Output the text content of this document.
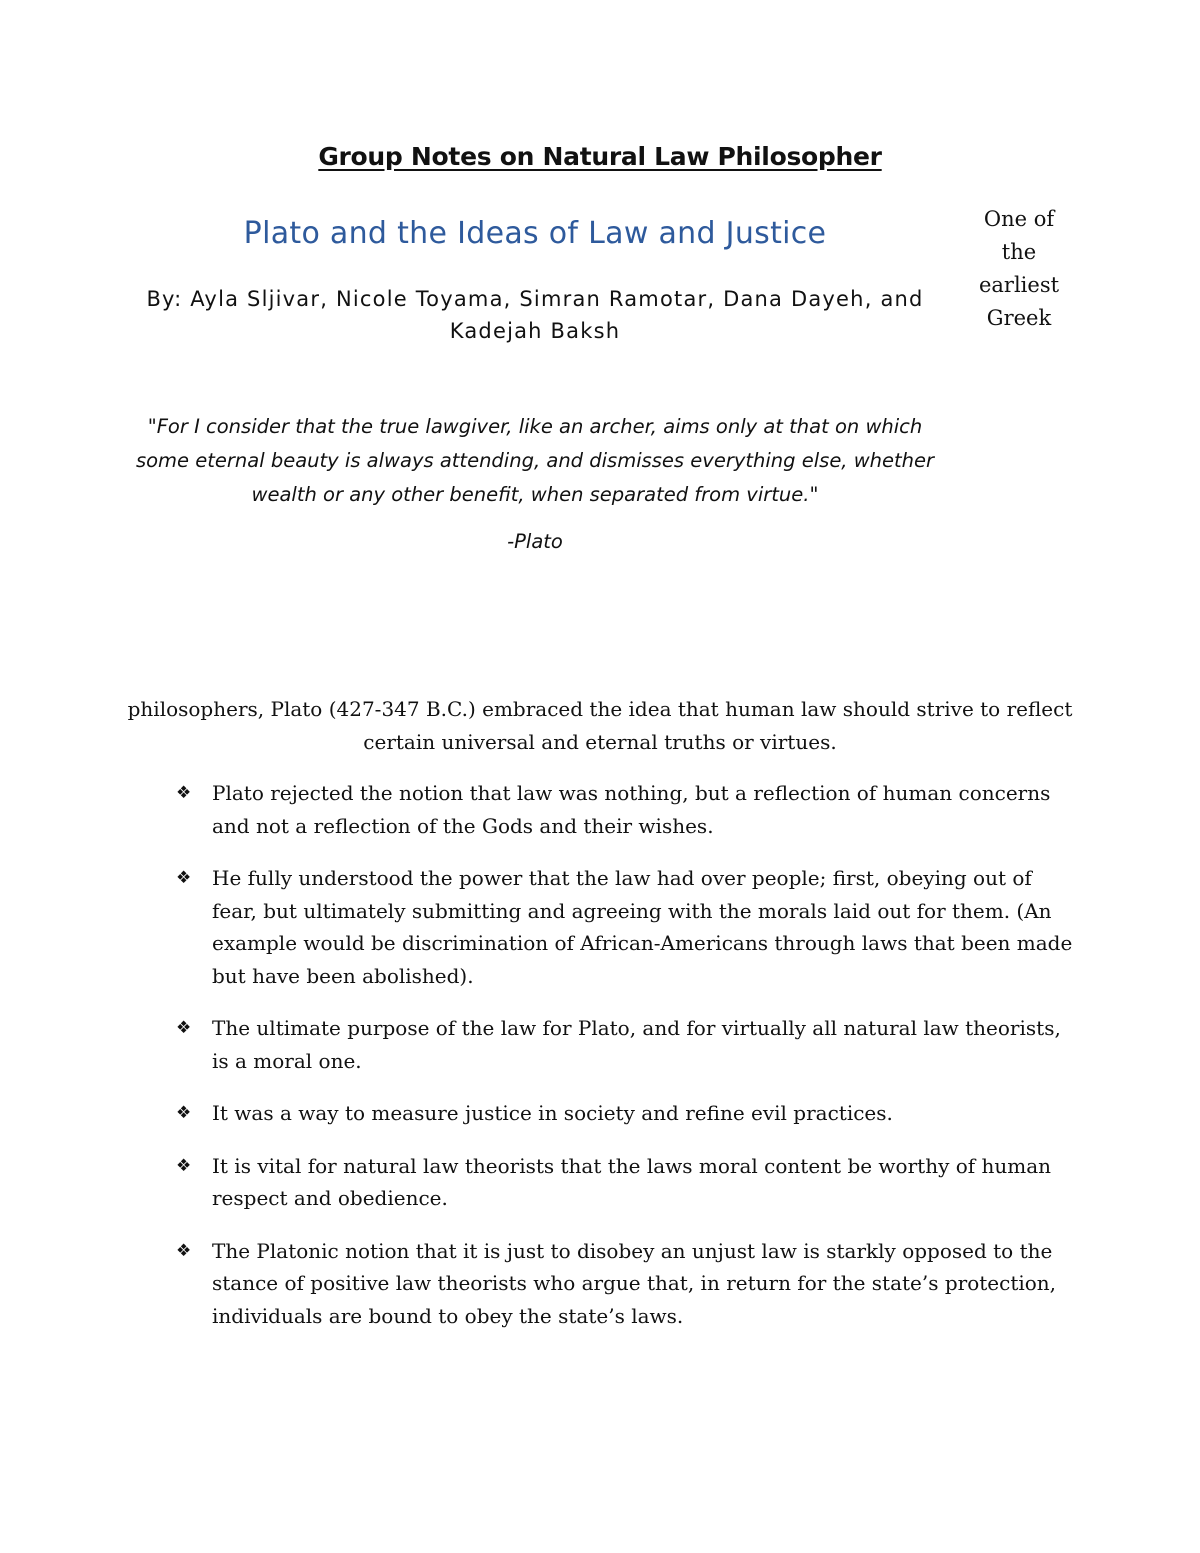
Group Notes on Natural Law Philosopher
Plato and the Ideas of Law and Justice
By: Ayla Sljivar, Nicole Toyama, Simran Ramotar, Dana Dayeh, and Kadejah Baksh
One of
the
earliest
Greek
"For I consider that the true lawgiver, like an archer, aims only at that on which some eternal beauty is always attending, and dismisses everything else, whether wealth or any other benefit, when separated from virtue."
-Plato
philosophers, Plato (427-347 B.C.) embraced the idea that human law should strive to reflect certain universal and eternal truths or virtues.
❖ Plato rejected the notion that law was nothing, but a reflection of human concerns and not a reflection of the Gods and their wishes.
❖ He fully understood the power that the law had over people; first, obeying out of fear, but ultimately submitting and agreeing with the morals laid out for them. (An example would be discrimination of African-Americans through laws that been made but have been abolished).
❖ The ultimate purpose of the law for Plato, and for virtually all natural law theorists, is a moral one.
❖ It was a way to measure justice in society and refine evil practices.
❖ It is vital for natural law theorists that the laws moral content be worthy of human respect and obedience.
❖ The Platonic notion that it is just to disobey an unjust law is starkly opposed to the stance of positive law theorists who argue that, in return for the state’s protection, individuals are bound to obey the state’s laws.
